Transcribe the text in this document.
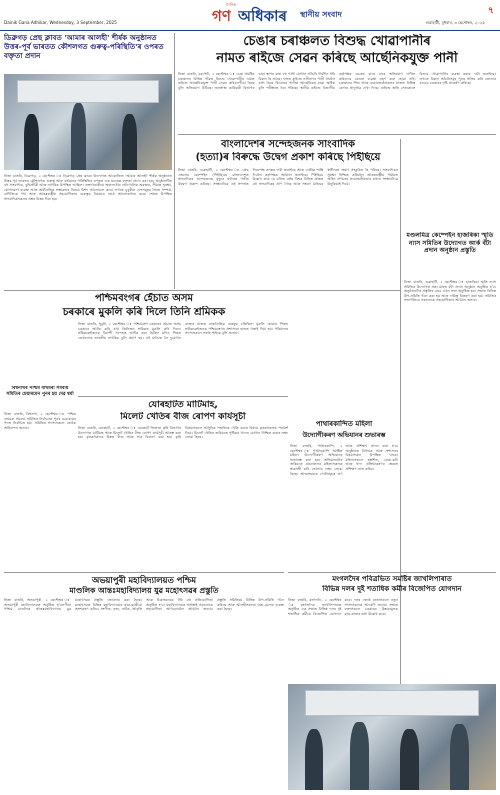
Dainik Gana Adhikar, Wednesday, 3 September, 2025
দৈনিক
গণ অধিকাৰ স্থানীয় সংবাদ
গুৱাহাটী, বুধবাৰ, ৩ ছেপ্টেম্বৰ, ২০২৫
৭
ডিব্ৰুগড় প্ৰেছ ক্লাবত 'আমাৰ আলহী' শীৰ্ষক অনুষ্ঠানত উত্তৰ-পূৰ্ব ভাৰতত কৌশলগত গুৰুত্ব-পৰিস্থিতি'ৰ ওপৰত বক্তৃতা প্ৰদান
নিজা বাতৰি, ডিব্ৰুগড়, ২ ছেপ্টেম্বৰ ঃ ডিব্ৰুগড় প্ৰেছ ক্লাবৰ উদ্যোগত আয়োজিত 'আমাৰ আলহী' শীৰ্ষক অনুষ্ঠানত উত্তৰ-পূৰ্ব ভাৰতৰ কৌশলগত গুৰুত্ব আৰু বৰ্তমানৰ পৰিস্থিতিৰ ওপৰত এক মনোজ্ঞ বক্তৃতা প্ৰদান কৰা হয়। অনুষ্ঠানটিত বহু সাংবাদিক, বুদ্ধিজীৱী আৰু নাগৰিক উপস্থিত আছিল। বক্তাগৰাকীয়ে অঞ্চলটোৰ ভৌগোলিক অৱস্থান, সীমান্ত সুৰক্ষা, যোগাযোগ ব্যৱস্থা আৰু অৰ্থনৈতিক সম্ভাৱনাৰ বিষয়ে বিশদ আলোচনা কৰে। লগতে চুবুৰীয়া দেশসমূহৰ সৈতে সম্পৰ্ক, বাণিজ্যিক পথ আৰু আন্তঃৰাষ্ট্ৰীয় সহযোগিতাৰ গুৰুত্বৰ বিষয়েও তেওঁ আলোকপাত কৰে। শেষত উপস্থিত সাংবাদিকসকলৰ প্ৰশ্নৰ উত্তৰ দিয়া হয়।
চেঙাৰ চৰাঞ্চলত বিশুদ্ধ খোৱাপানীৰ
নামত ৰাইজে সেৱন কৰিছে আৰ্ছেনিকযুক্ত পানী
নিজা বাতৰি, বৰপেটা, ২ ছেপ্টেম্বৰ ঃ চেঙা সমষ্টিৰ চৰাঞ্চলৰ বিভিন্ন গাঁৱত বিশুদ্ধ খোৱাপানীৰ নামত ৰাইজে আৰ্ছেনিকযুক্ত পানী সেৱন কৰিবলগীয়া হৈছে বুলি অভিযোগ উঠিছে। জনস্বাস্থ্য কাৰিকৰী বিভাগৰ দ্বাৰা স্থাপন কৰা বহু পানী যোগান আঁচনি দীৰ্ঘদিন ধৰি বিকল হৈ আছে। ফলত ৰাইজে নলীনাদৰ পানী খাবলৈ বাধ্য হৈছে যিবোৰৰ পানীত আৰ্ছেনিকৰ মাত্ৰা অধিক বুলি পৰীক্ষাত ধৰা পৰিছে। স্থানীয় ৰাইজে বিভাগীয় কৰ্তৃপক্ষৰ ওচৰত বাৰে বাৰে অভিযোগ দাখিল কৰিলেও কোনো ব্যৱস্থা গ্ৰহণ কৰা হোৱা নাই। চৰাঞ্চলৰ শিশু আৰু বয়োজ্যেষ্ঠসকলৰ মাজত বিভিন্ন ৰোগৰ প্ৰাদুৰ্ভাৱ দেখা দিছে। ৰাইজে অতি সোনকালে বিশুদ্ধ খোৱাপানীৰ ব্যৱস্থা কৰাৰ দাবী জনাইছে। লগতে বিকল আঁচনিসমূহ পুনৰ সক্ৰিয় কৰি তোলাৰ বাবেও চৰকাৰৰ দৃষ্টি আকৰ্ষণ কৰিছে।
বাংলাদেশৰ সন্দেহজনক সাংবাদিক
(হত্যা)ৰ বিৰুদ্ধে উদ্বেগ প্ৰকাশ কৰিছে পিইছিয়ে
নিজা বাতৰি, গুৱাহাটী, ২ ছেপ্টেম্বৰ ঃ প্ৰেছ এম্বলেম কেম্পেইন (পিইছি)য়ে বাংলাদেশত সাংবাদিকৰ সন্দেহজনক মৃত্যুৰ ঘটনাত গভীৰ উদ্বেগ প্ৰকাশ কৰিছে। সংস্থাটোৱে এই সন্দৰ্ভত নিৰপেক্ষ তদন্তৰ দাবী জনাইছে আৰু দোষীক শাস্তি দিবলৈ কৰ্তৃপক্ষক আহ্বান জনাইছে। পিইছিয়ে উল্লেখ কৰে যে চলিত বৰ্ষত বিশ্বৰ বিভিন্ন প্ৰান্তত বহু সাংবাদিকৰ প্ৰাণ গৈছে আৰু সংবাদ মাধ্যমৰ স্বাধীনতা ক্ৰমাৎ সংকুচিত হৈ পৰিছে। সাংবাদিকৰ সুৰক্ষা নিশ্চিত কৰিবলৈ আন্তঃৰাষ্ট্ৰীয় পৰ্যায়ত আইন প্ৰণয়নৰ প্ৰয়োজনীয়তাৰ কথাও সংস্থাটোৱে উনুকিয়াই দিয়ে।
মণ্ডলমিত্ৰ কেম্পেইন হাজৰিকা স্মৃতি ন্যাস সমিতিৰ উদ্যোগত আৰ্ক বঁটা প্ৰদান অনুষ্ঠান প্ৰস্তুতি
নিজা বাতৰি, গুৱাহাটী, ২ ছেপ্টেম্বৰ ঃ হাজৰিকা স্মৃতি ন্যাস সমিতিৰ উদ্যোগত অহা মাহত বঁটা প্ৰদান অনুষ্ঠান অনুষ্ঠিত হ'ব। অনুষ্ঠানটোৰ প্ৰস্তুতিৰ বাবে এখন সভা অনুষ্ঠিত হয়। সভাত বিভিন্ন উপ-সমিতি গঠন কৰা হয় আৰু দায়িত্ব বিতৰণ কৰা হয়। সমিতিৰ সভাপতিয়ে সকলোকে সহযোগিতাৰ আহ্বান জনায়।
পশ্চিমবংগৰ হেঁচাত অসম
চৰকাৰে মুকলি কৰি দিলে তিনি শ্ৰমিকক
নিজা বাতৰি, ধুবুৰী, ২ ছেপ্টেম্বৰ ঃ পশ্চিমবংগ চৰকাৰৰ হেঁচাত অসম চৰকাৰে আটক কৰি ৰখা তিনিজন শ্ৰমিকক মুকলি কৰি দিলে। শ্ৰমিককেইজনক বিদেশী সন্দেহত আটক কৰা হৈছিল যদিও পিছত তেওঁলোক ভাৰতীয় নাগৰিক বুলি প্ৰমাণ হয়। এই ঘটনাক লৈ দুয়োখন ৰাজ্যৰ মাজত ৰাজনৈতিক বাকযুদ্ধ চলিছিল। মুকলি হোৱাৰ পিছত শ্ৰমিককেইজনক পশ্চিমবংগৰ প্ৰশাসনৰ হাতত গতাই দিয়া হয়। পৰিয়ালৰ সদস্যসকলে সকাহ পাইছে বুলি জনায়।
বিশ্বনাথৰ পশ্চিম বাঘমৰা সমবায় সমিতিৰ চেয়াৰমেন পুনৰ হয় দেৱ শ্বৰ্মা
নিজা বাতৰি, বিশ্বনাথ, ২ ছেপ্টেম্বৰ ঃ পশ্চিম বাঘমৰা সমবায় সমিতিৰ নিৰ্বাচনত পুনৰ চেয়াৰমেন পদত নিৰ্বাচিত হয়। সমিতিৰ সদস্যসকলে তেওঁক অভিনন্দন জনায়।	পাথাৰকান্দিত মহিলা
উদ্যোগীকৰণ অভিযানৰ শুভাৰম্ভ
নিজা বাতৰি, পাথাৰকান্দি, ২ ছেপ্টেম্বৰ ঃ পাথাৰকান্দি সমষ্টিত মহিলা উদ্যোগীকৰণ অভিযানৰ শুভাৰম্ভ কৰা হয়। অভিযানটোৰ জৰিয়তে গ্ৰাম্যাঞ্চলৰ মহিলাসকলক স্বাৱলম্বী কৰি তোলাৰ লক্ষ্য লোৱা হৈছে। আত্মসহায়ক গোটসমূহক ঋণ আৰু প্ৰশিক্ষণ প্ৰদান কৰা হ'ব। অনুষ্ঠানত বিধায়ক আৰু প্ৰশাসনৰ বিষয়াসকল উপস্থিত থাকে। মহিলাসকলে হস্তশিল্প, বোৱা-কটা আৰু খাদ্য প্ৰক্ৰিয়াকৰণৰ ক্ষেত্ৰত প্ৰশিক্ষণ লাভ কৰিব।
যোৰহাটত মাটিমাহ,
মিলেট খেতিৰ বীজ ৰোপণ কাৰ্যসূচী
নিজা বাতৰি, যোৰহাট, ২ ছেপ্টেম্বৰ ঃ যোৰহাট জিলাত কৃষি বিভাগৰ উদ্যোগত মাটিমাহ আৰু মিলেট খেতিৰ বীজ ৰোপণ কাৰ্যসূচী আৰম্ভ কৰা হয়। কৃষকসকলক উন্নত বীজ আৰু সাৰ বিতৰণ কৰা হয়। কৃষি বিষয়াসকলে আধুনিক পদ্ধতিৰে খেতি কৰাৰ বিষয়ে কৃষকসকলক পৰামৰ্শ দিয়ে। মিলেট খেতিৰ জৰিয়তে পুষ্টিকৰ খাদ্যৰ যোগান নিশ্চিত কৰাৰ লক্ষ্য লোৱা হৈছে।
অভয়াপুৰী মহাবিদ্যালয়ত পশ্চিম
মাণ্ডলিক আন্তঃমহাবিদ্যালয় যুৱ মহোৎসৱৰ প্ৰস্তুতি
নিজা বাতৰি, অভয়াপুৰী, ২ ছেপ্টেম্বৰ ঃ অভয়াপুৰী মহাবিদ্যালয়ত অনুষ্ঠিত হ'বলগীয়া পশ্চিম মাণ্ডলিক আন্তঃমহাবিদ্যালয় যুৱ মহোৎসৱৰ প্ৰস্তুতি জোৰদাৰ কৰা হৈছে। মহোৎসৱত বিভিন্ন মহাবিদ্যালয়ৰ ছাত্ৰ-ছাত্ৰীয়ে অংশগ্ৰহণ কৰিব। সংগীত, নৃত্য, নাটক, আবৃত্তি আৰু চিত্ৰাংকনকে ধৰি বহু প্ৰতিযোগিতা অনুষ্ঠিত হ'ব। মহাবিদ্যালয়ৰ অধ্যক্ষই সকলোকে সহযোগিতা আগবঢ়াবলৈ আহ্বান জনায়। প্ৰস্তুতি সমিতিয়ে বিভিন্ন উপ-সমিতি গঠন কৰিছে আৰু আলহীসকলৰ থকা-মেলাৰ ব্যৱস্থা কৰা হৈছে।
মংগলদৈৰ পবিত্ৰভিত সমষ্টিৰ জাখলিপাৰাত
বিভিন্ন দলৰ দুই শতাধিক কৰ্মীৰ বিজেপিত যোগদান
নিজা বাতৰি, মংগলদৈ, ২ ছেপ্টেম্বৰ ঃ মংগলদৈৰ জাখলিপাৰাত অনুষ্ঠিত এক সভাত বিভিন্ন দলৰ দুই শতাধিক কৰ্মীয়ে বিজেপিত যোগদান কৰে। দলৰ জ্যেষ্ঠ নেতাসকলে নতুন সদস্যসকলক আদৰণি জনায়। সভাত বক্তাসকলে চৰকাৰৰ উন্নয়নমূলক কাম-কাজৰ কথা উল্লেখ কৰে।
